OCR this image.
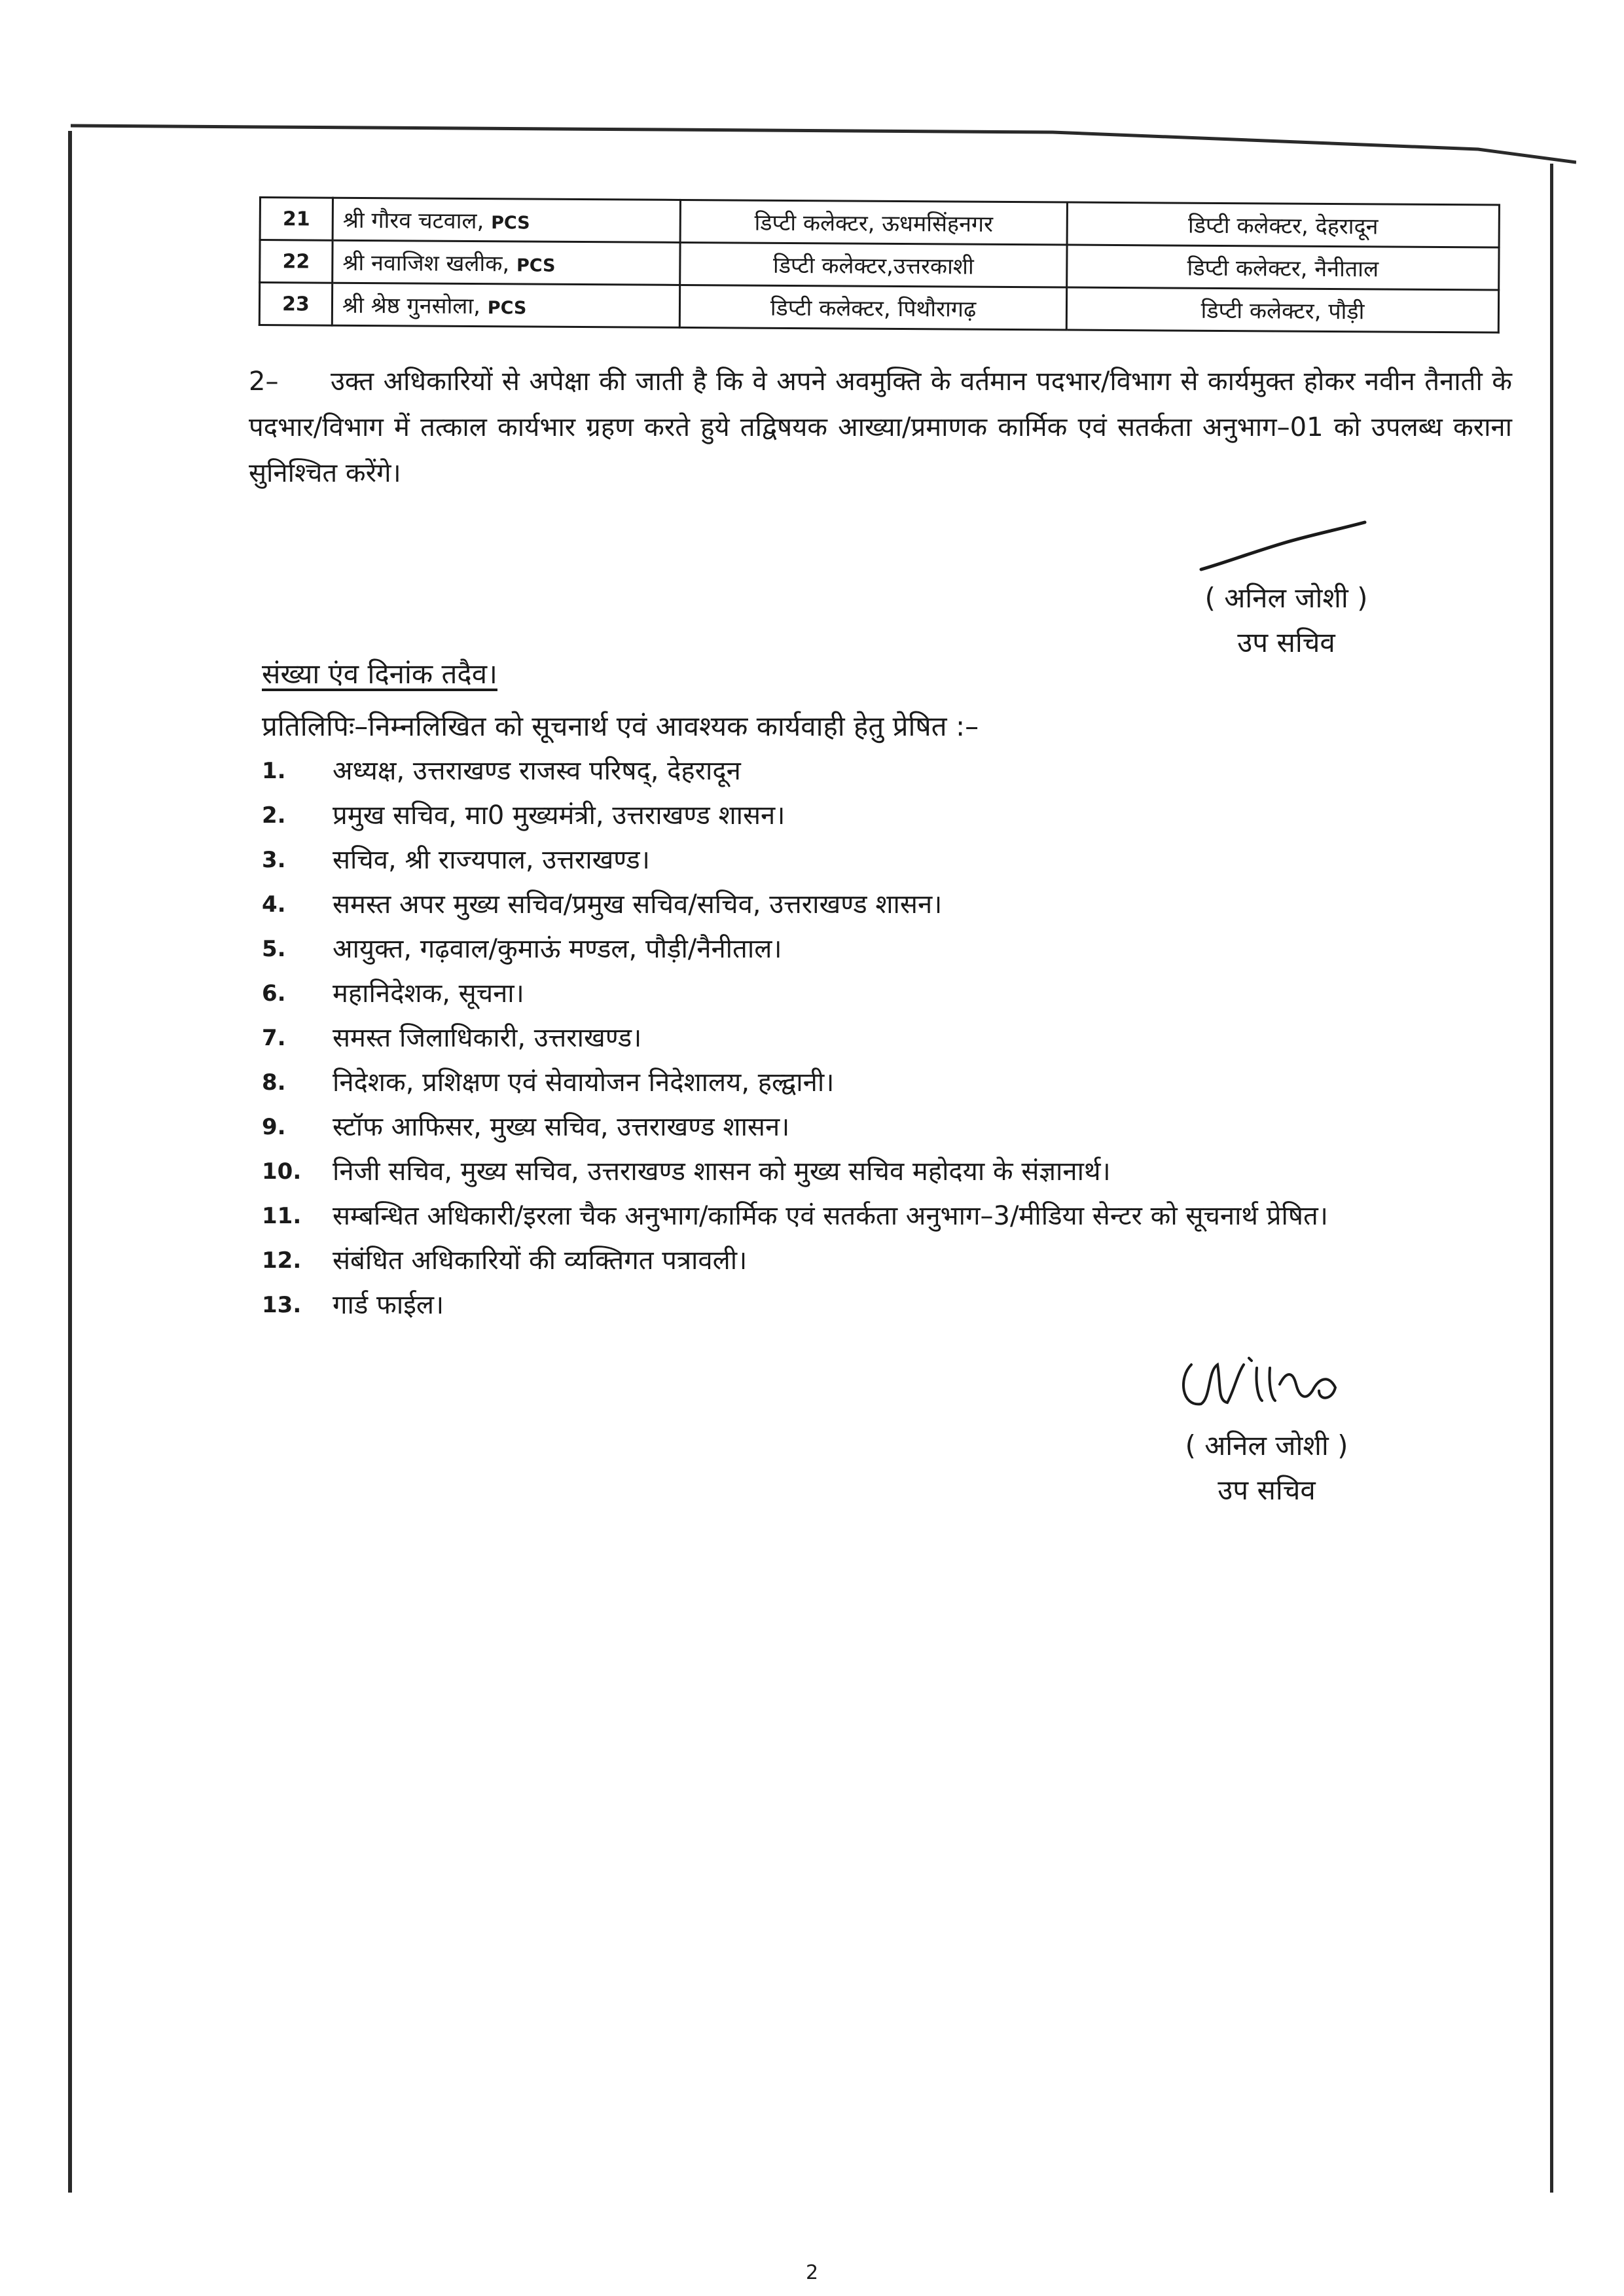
21	श्री गौरव चटवाल, PCS	डिप्टी कलेक्टर, ऊधमसिंहनगर	डिप्टी कलेक्टर, देहरादून
22	श्री नवाजिश खलीक, PCS	डिप्टी कलेक्टर,उत्तरकाशी	डिप्टी कलेक्टर, नैनीताल
23	श्री श्रेष्ठ गुनसोला, PCS	डिप्टी कलेक्टर, पिथौरागढ़	डिप्टी कलेक्टर, पौड़ी
2– उक्त अधिकारियों से अपेक्षा की जाती है कि वे अपने अवमुक्ति के वर्तमान पदभार/विभाग से कार्यमुक्त होकर नवीन तैनाती के पदभार/विभाग में तत्काल कार्यभार ग्रहण करते हुये तद्विषयक आख्या/प्रमाणक कार्मिक एवं सतर्कता अनुभाग–01 को उपलब्ध कराना सुनिश्चित करेंगे।
( अनिल जोशी )
उप सचिव
संख्या एंव दिनांक तदैव।
प्रतिलिपिः–निम्नलिखित को सूचनार्थ एवं आवश्यक कार्यवाही हेतु प्रेषित :–
1. अध्यक्ष, उत्तराखण्ड राजस्व परिषद्, देहरादून
2. प्रमुख सचिव, मा0 मुख्यमंत्री, उत्तराखण्ड शासन।
3. सचिव, श्री राज्यपाल, उत्तराखण्ड।
4. समस्त अपर मुख्य सचिव/प्रमुख सचिव/सचिव, उत्तराखण्ड शासन।
5. आयुक्त, गढ़वाल/कुमाऊं मण्डल, पौड़ी/नैनीताल।
6. महानिदेशक, सूचना।
7. समस्त जिलाधिकारी, उत्तराखण्ड।
8. निदेशक, प्रशिक्षण एवं सेवायोजन निदेशालय, हल्द्वानी।
9. स्टॉफ आफिसर, मुख्य सचिव, उत्तराखण्ड शासन।
10. निजी सचिव, मुख्य सचिव, उत्तराखण्ड शासन को मुख्य सचिव महोदया के संज्ञानार्थ।
11. सम्बन्धित अधिकारी/इरला चैक अनुभाग/कार्मिक एवं सतर्कता अनुभाग–3/मीडिया सेन्टर को सूचनार्थ प्रेषित।
12. संबंधित अधिकारियों की व्यक्तिगत पत्रावली।
13. गार्ड फाईल।
( अनिल जोशी )
उप सचिव
2
